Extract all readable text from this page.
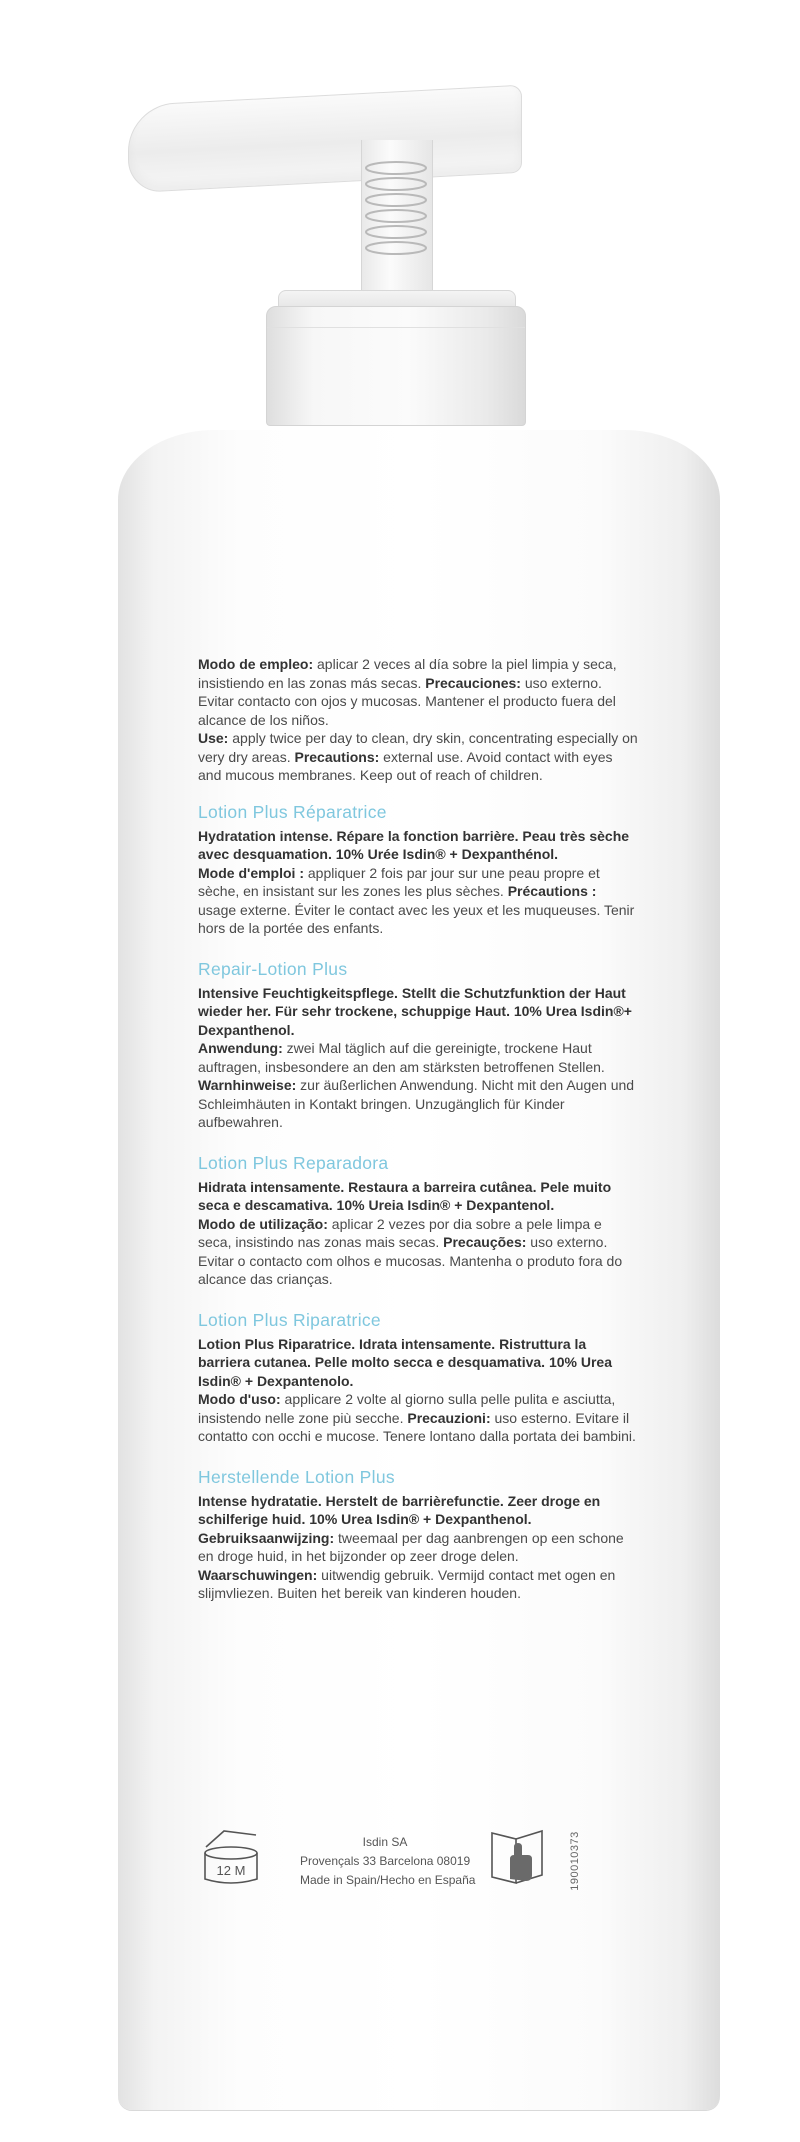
Modo de empleo: aplicar 2 veces al día sobre la piel limpia y seca, insistiendo en las zonas más secas. Precauciones: uso externo. Evitar contacto con ojos y mucosas. Mantener el producto fuera del alcance de los niños.

Use: apply twice per day to clean, dry skin, concentrating especially on very dry areas. Precautions: external use. Avoid contact with eyes and mucous membranes. Keep out of reach of children.

Lotion Plus Réparatrice

Hydratation intense. Répare la fonction barrière. Peau très sèche avec desquamation. 10% Urée Isdin® + Dexpanthénol.

Mode d'emploi : appliquer 2 fois par jour sur une peau propre et sèche, en insistant sur les zones les plus sèches. Précautions : usage externe. Éviter le contact avec les yeux et les muqueuses. Tenir hors de la portée des enfants.

Repair-Lotion Plus

Intensive Feuchtigkeitspflege. Stellt die Schutzfunktion der Haut wieder her. Für sehr trockene, schuppige Haut. 10% Urea Isdin®+ Dexpanthenol.

Anwendung: zwei Mal täglich auf die gereinigte, trockene Haut auftragen, insbesondere an den am stärksten betroffenen Stellen. Warnhinweise: zur äußerlichen Anwendung. Nicht mit den Augen und Schleimhäuten in Kontakt bringen. Unzugänglich für Kinder aufbewahren.

Lotion Plus Reparadora

Hidrata intensamente. Restaura a barreira cutânea. Pele muito seca e descamativa. 10% Ureia Isdin® + Dexpantenol.

Modo de utilização: aplicar 2 vezes por dia sobre a pele limpa e seca, insistindo nas zonas mais secas. Precauções: uso externo. Evitar o contacto com olhos e mucosas. Mantenha o produto fora do alcance das crianças.

Lotion Plus Riparatrice

Lotion Plus Riparatrice. Idrata intensamente. Ristruttura la barriera cutanea. Pelle molto secca e desquamativa. 10% Urea Isdin® + Dexpantenolo.

Modo d'uso: applicare 2 volte al giorno sulla pelle pulita e asciutta, insistendo nelle zone più secche. Precauzioni: uso esterno. Evitare il contatto con occhi e mucose. Tenere lontano dalla portata dei bambini.

Herstellende Lotion Plus

Intense hydratatie. Herstelt de barrièrefunctie. Zeer droge en schilferige huid. 10% Urea Isdin® + Dexpanthenol.

Gebruiksaanwijzing: tweemaal per dag aanbrengen op een schone en droge huid, in het bijzonder op zeer droge delen. Waarschuwingen: uitwendig gebruik. Vermijd contact met ogen en slijmvliezen. Buiten het bereik van kinderen houden.

12 M
Isdin SA
Provençals 33 Barcelona 08019
Made in Spain/Hecho en España	190010373
